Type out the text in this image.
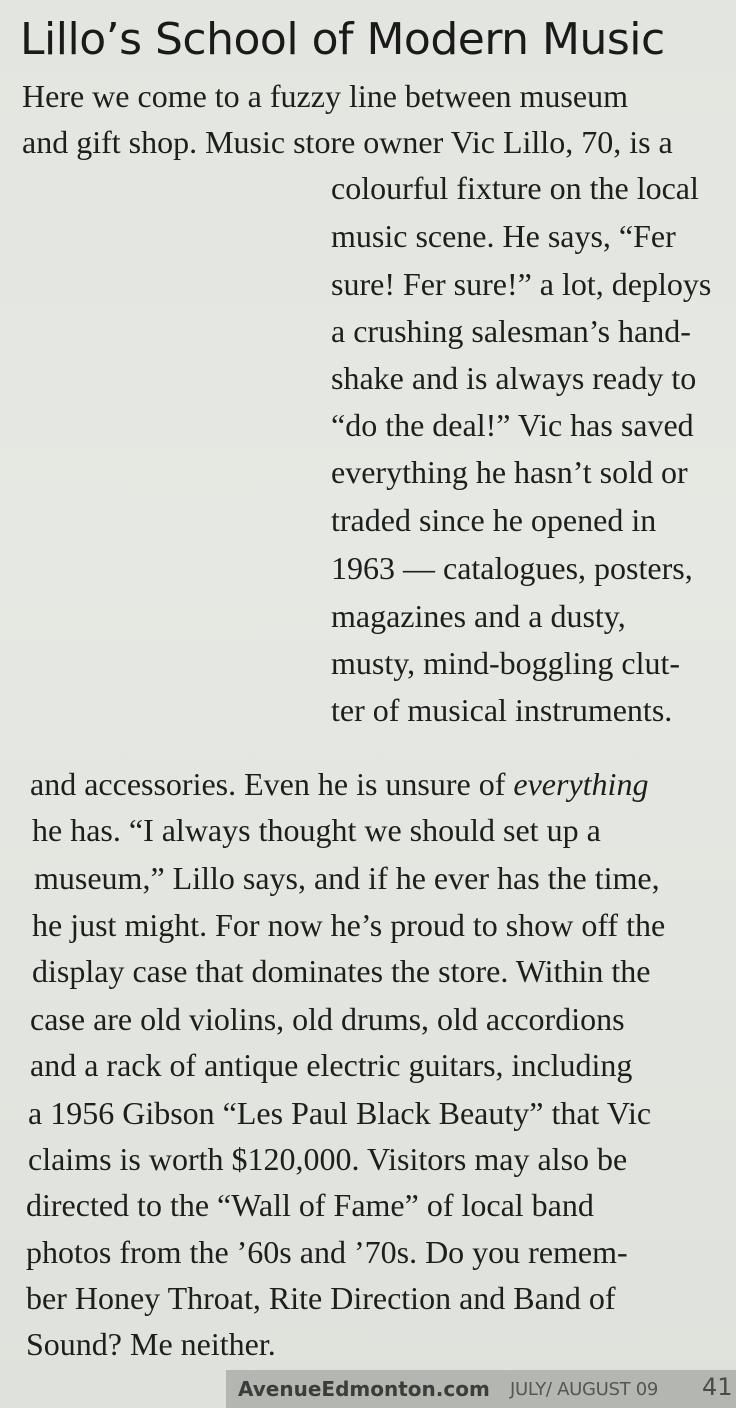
Lillo’s School of Modern Music

Here we come to a fuzzy line between museum

and gift shop. Music store owner Vic Lillo, 70, is a

colourful fixture on the local

music scene. He says, “Fer

sure! Fer sure!” a lot, deploys

a crushing salesman’s hand-

shake and is always ready to

“do the deal!” Vic has saved

everything he hasn’t sold or

traded since he opened in

1963 — catalogues, posters,

magazines and a dusty,

musty, mind-boggling clut-

ter of musical instruments.

and accessories. Even he is unsure of everything

he has. “I always thought we should set up a

museum,” Lillo says, and if he ever has the time,

he just might. For now he’s proud to show off the

display case that dominates the store. Within the

case are old violins, old drums, old accordions

and a rack of antique electric guitars, including

a 1956 Gibson “Les Paul Black Beauty” that Vic

claims is worth $120,000. Visitors may also be

directed to the “Wall of Fame” of local band

photos from the ’60s and ’70s. Do you remem-

ber Honey Throat, Rite Direction and Band of

Sound? Me neither.

AvenueEdmonton.com JULY/ AUGUST 09 41
